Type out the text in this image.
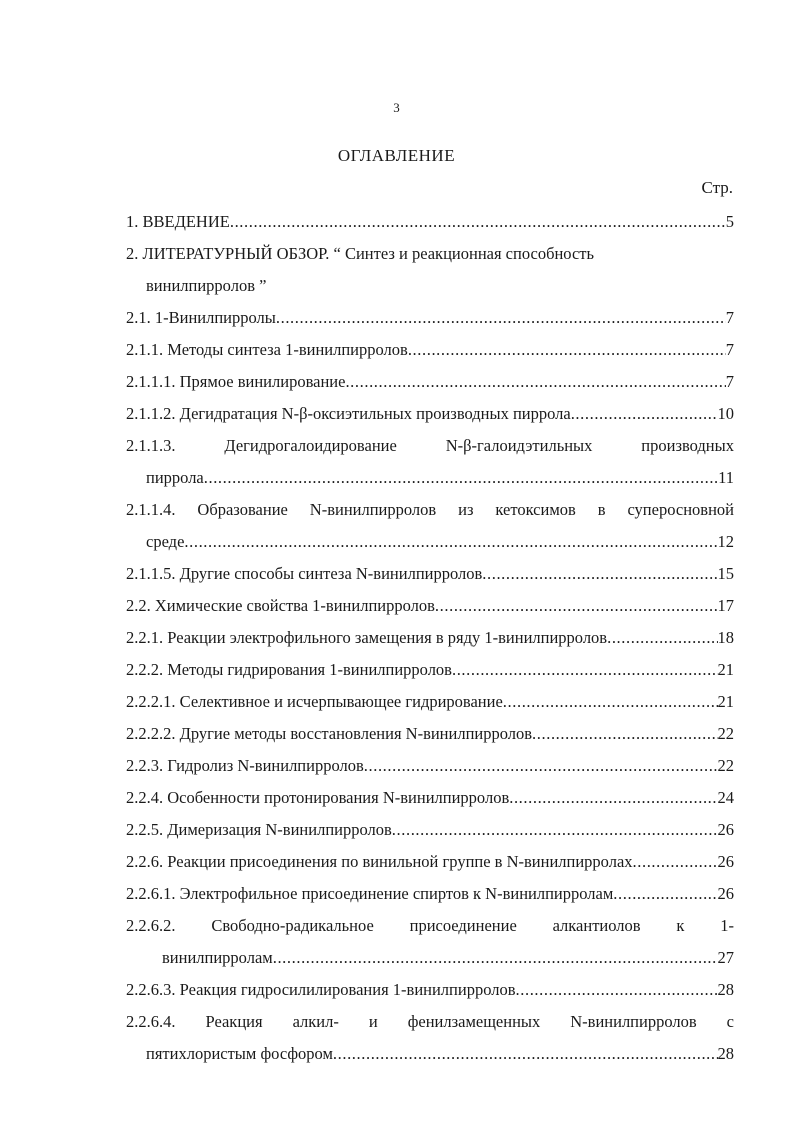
3
ОГЛАВЛЕНИЕ
Стр.
1. ВВЕДЕНИЕ .....	5
2. ЛИТЕРАТУРНЫЙ ОБЗОР. “ Синтез и реакционная способность
винилпирролов ”
2.1. 1-Винилпирролы .....	7
2.1.1. Методы синтеза 1-винилпирролов .....	7
2.1.1.1. Прямое винилирование .....	7
2.1.1.2. Дегидратация N-β-оксиэтильных производных пиррола .....	10
2.1.1.3.	Дегидрогалоидирование	N-β-галоидэтильных	производных
пиррола .....	11
2.1.1.4. Образование N-винилпирролов из кетоксимов в суперосновной
среде .....	12
2.1.1.5. Другие способы синтеза N-винилпирролов .....	15
2.2. Химические свойства 1-винилпирролов .....	17
2.2.1. Реакции электрофильного замещения в ряду 1-винилпирролов .....	18
2.2.2. Методы гидрирования 1-винилпирролов .....	21
2.2.2.1. Селективное и исчерпывающее гидрирование .....	21
2.2.2.2. Другие методы восстановления N-винилпирролов .....	22
2.2.3. Гидролиз N-винилпирролов .....	22
2.2.4. Особенности протонирования N-винилпирролов .....	24
2.2.5. Димеризация N-винилпирролов .....	26
2.2.6. Реакции присоединения по винильной группе в N-винилпирролах .....	26
2.2.6.1. Электрофильное присоединение спиртов к N-винилпирролам .....	26
2.2.6.2. Свободно-радикальное присоединение алкантиолов к 1-
винилпирролам .....	27
2.2.6.3. Реакция гидросилилирования 1-винилпирролов .....	28
2.2.6.4. Реакция алкил- и фенилзамещенных N-винилпирролов с
пятихлористым фосфором .....	28
